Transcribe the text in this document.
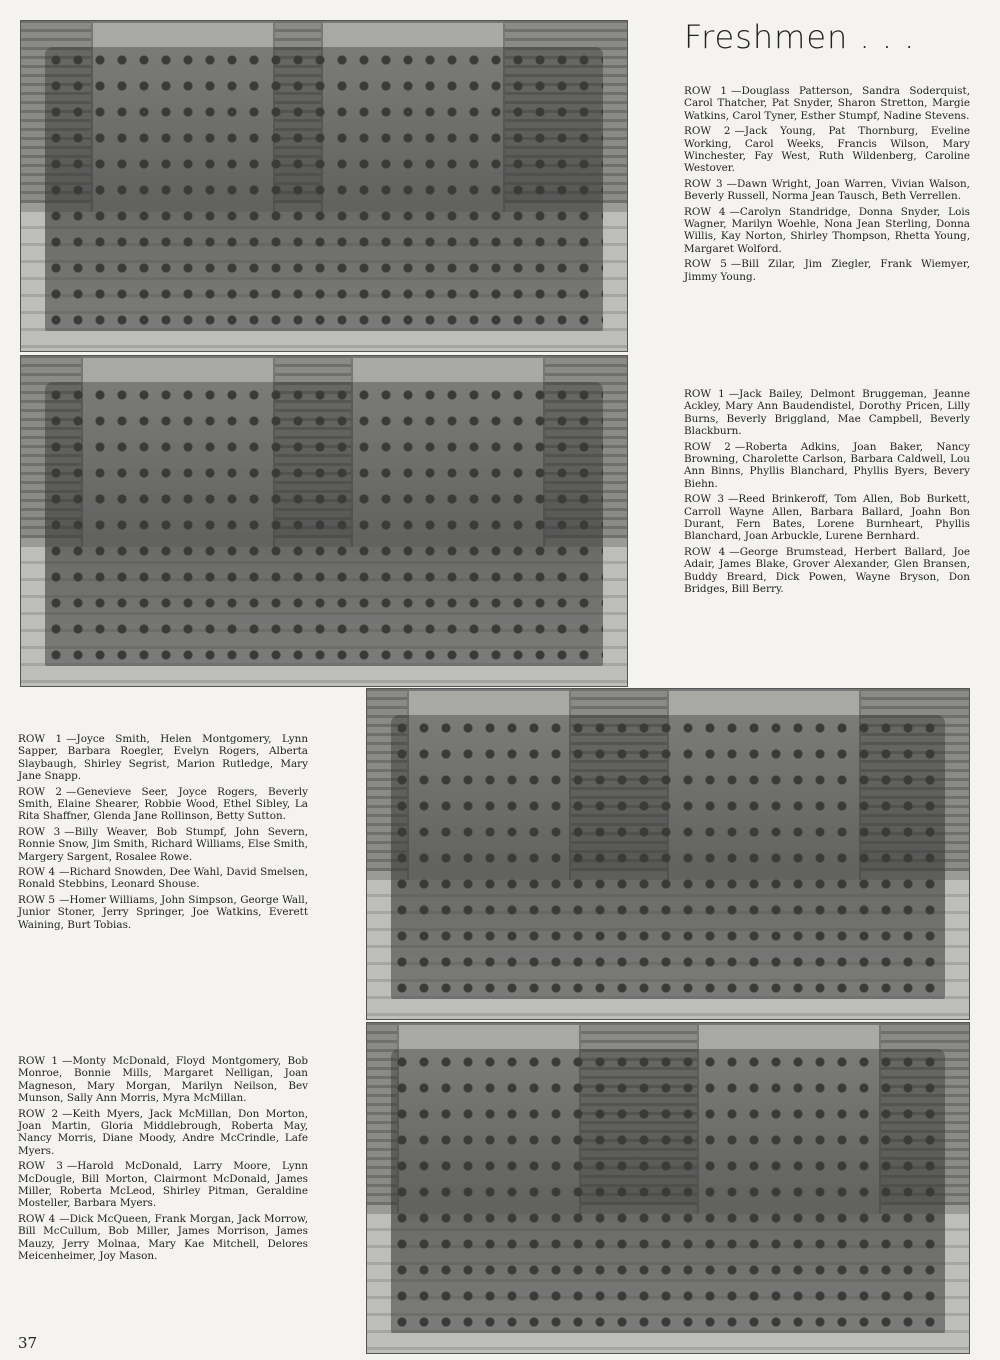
Freshmen . . .

ROW 1 —Douglass Patterson, Sandra Soderquist, Carol Thatcher, Pat Snyder, Sharon Stretton, Margie Watkins, Carol Tyner, Esther Stumpf, Nadine Stevens.

ROW 2 —Jack Young, Pat Thornburg, Eveline Working, Carol Weeks, Francis Wilson, Mary Winchester, Fay West, Ruth Wildenberg, Caroline Westover.

ROW 3 —Dawn Wright, Joan Warren, Vivian Walson, Beverly Russell, Norma Jean Tausch, Beth Verrellen.

ROW 4 —Carolyn Standridge, Donna Snyder, Lois Wagner, Marilyn Woehle, Nona Jean Sterling, Donna Willis, Kay Norton, Shirley Thompson, Rhetta Young, Margaret Wolford.

ROW 5 —Bill Zilar, Jim Ziegler, Frank Wiemyer, Jimmy Young.

ROW 1 —Jack Bailey, Delmont Bruggeman, Jeanne Ackley, Mary Ann Baudendistel, Dorothy Pricen, Lilly Burns, Beverly Briggland, Mae Campbell, Beverly Blackburn.

ROW 2 —Roberta Adkins, Joan Baker, Nancy Browning, Charolette Carlson, Barbara Caldwell, Lou Ann Binns, Phyllis Blanchard, Phyllis Byers, Bevery Biehn.

ROW 3 —Reed Brinkeroff, Tom Allen, Bob Burkett, Carroll Wayne Allen, Barbara Ballard, Joahn Bon Durant, Fern Bates, Lorene Burnheart, Phyllis Blanchard, Joan Arbuckle, Lurene Bernhard.

ROW 4 —George Brumstead, Herbert Ballard, Joe Adair, James Blake, Grover Alexander, Glen Bransen, Buddy Breard, Dick Powen, Wayne Bryson, Don Bridges, Bill Berry.

ROW 1 —Joyce Smith, Helen Montgomery, Lynn Sapper, Barbara Roegler, Evelyn Rogers, Alberta Slaybaugh, Shirley Segrist, Marion Rutledge, Mary Jane Snapp.

ROW 2 —Genevieve Seer, Joyce Rogers, Beverly Smith, Elaine Shearer, Robbie Wood, Ethel Sibley, La Rita Shaffner, Glenda Jane Rollinson, Betty Sutton.

ROW 3 —Billy Weaver, Bob Stumpf, John Severn, Ronnie Snow, Jim Smith, Richard Williams, Else Smith, Margery Sargent, Rosalee Rowe.

ROW 4 —Richard Snowden, Dee Wahl, David Smelsen, Ronald Stebbins, Leonard Shouse.

ROW 5 —Homer Williams, John Simpson, George Wall, Junior Stoner, Jerry Springer, Joe Watkins, Everett Waining, Burt Tobias.

ROW 1 —Monty McDonald, Floyd Montgomery, Bob Monroe, Bonnie Mills, Margaret Nelligan, Joan Magneson, Mary Morgan, Marilyn Neilson, Bev Munson, Sally Ann Morris, Myra McMillan.

ROW 2 —Keith Myers, Jack McMillan, Don Morton, Joan Martin, Gloria Middlebrough, Roberta May, Nancy Morris, Diane Moody, Andre McCrindle, Lafe Myers.

ROW 3 —Harold McDonald, Larry Moore, Lynn McDougle, Bill Morton, Clairmont McDonald, James Miller, Roberta McLeod, Shirley Pitman, Geraldine Mosteller, Barbara Myers.

ROW 4 —Dick McQueen, Frank Morgan, Jack Morrow, Bill McCullum, Bob Miller, James Morrison, James Mauzy, Jerry Molnaa, Mary Kae Mitchell, Delores Meicenheimer, Joy Mason.

37
